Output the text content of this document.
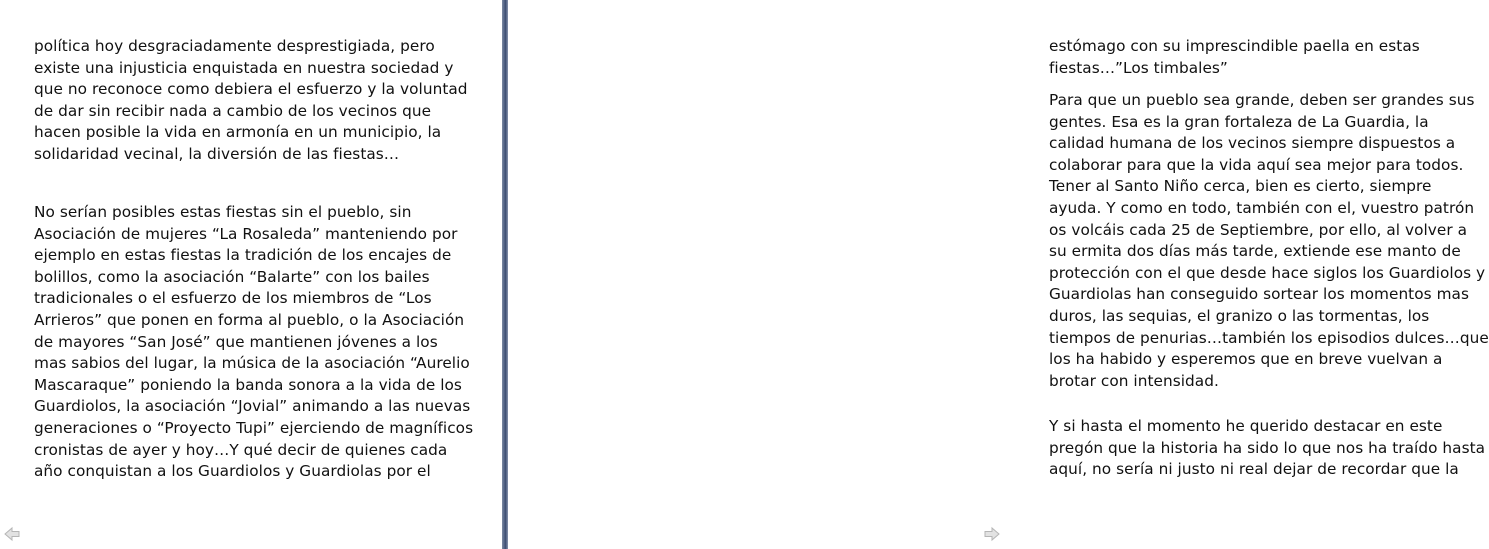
política hoy desgraciadamente desprestigiada, pero
existe una injusticia enquistada en nuestra sociedad y
que no reconoce como debiera el esfuerzo y la voluntad
de dar sin recibir nada a cambio de los vecinos que
hacen posible la vida en armonía en un municipio, la
solidaridad vecinal, la diversión de las fiestas…

No serían posibles estas fiestas sin el pueblo, sin
Asociación de mujeres “La Rosaleda” manteniendo por
ejemplo en estas fiestas la tradición de los encajes de
bolillos, como la asociación “Balarte” con los bailes
tradicionales o el esfuerzo de los miembros de “Los
Arrieros” que ponen en forma al pueblo, o la Asociación
de mayores “San José” que mantienen jóvenes a los
mas sabios del lugar, la música de la asociación “Aurelio
Mascaraque” poniendo la banda sonora a la vida de los
Guardiolos, la asociación “Jovial” animando a las nuevas
generaciones o “Proyecto Tupi” ejerciendo de magníficos
cronistas de ayer y hoy…Y qué decir de quienes cada
año conquistan a los Guardiolos y Guardiolas por el

estómago con su imprescindible paella en estas
fiestas…”Los timbales”

Para que un pueblo sea grande, deben ser grandes sus
gentes. Esa es la gran fortaleza de La Guardia, la
calidad humana de los vecinos siempre dispuestos a
colaborar para que la vida aquí sea mejor para todos.
Tener al Santo Niño cerca, bien es cierto, siempre
ayuda. Y como en todo, también con el, vuestro patrón
os volcáis cada 25 de Septiembre, por ello, al volver a
su ermita dos días más tarde, extiende ese manto de
protección con el que desde hace siglos los Guardiolos y
Guardiolas han conseguido sortear los momentos mas
duros, las sequias, el granizo o las tormentas, los
tiempos de penurias…también los episodios dulces…que
los ha habido y esperemos que en breve vuelvan a
brotar con intensidad.

Y si hasta el momento he querido destacar en este
pregón que la historia ha sido lo que nos ha traído hasta
aquí, no sería ni justo ni real dejar de recordar que la
